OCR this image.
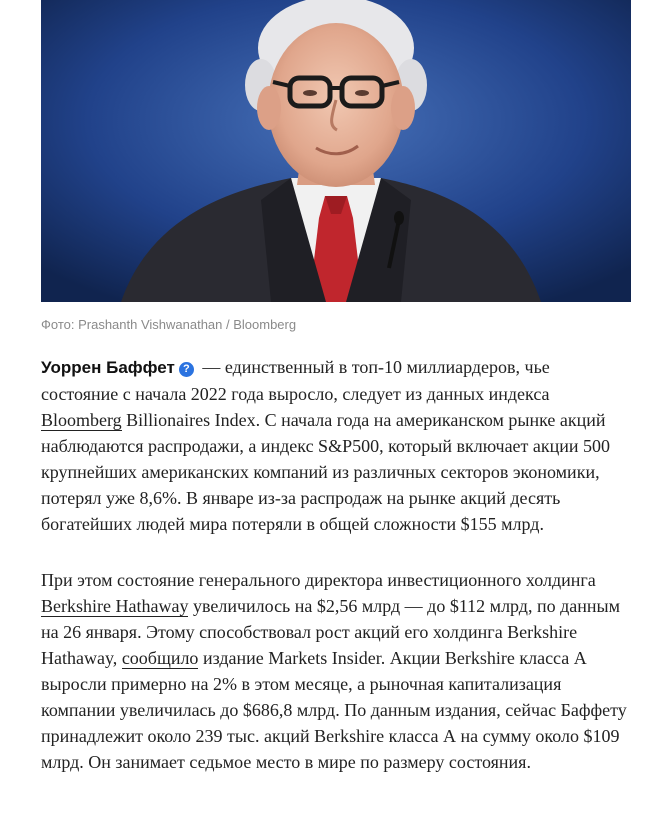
Фото: Prashanth Vishwanathan / Bloomberg

Уоррен Баффет ? — единственный в топ-10 миллиардеров, чье состояние с начала 2022 года выросло, следует из данных индекса Bloomberg Billionaires Index. С начала года на американском рынке акций наблюдаются распродажи, а индекс S&P500, который включает акции 500 крупнейших американских компаний из различных секторов экономики, потерял уже 8,6%. В январе из-за распродаж на рынке акций десять богатейших людей мира потеряли в общей сложности $155 млрд.

При этом состояние генерального директора инвестиционного холдинга Berkshire Hathaway увеличилось на $2,56 млрд — до $112 млрд, по данным на 26 января. Этому способствовал рост акций его холдинга Berkshire Hathaway, сообщило издание Markets Insider. Акции Berkshire класса А выросли примерно на 2% в этом месяце, а рыночная капитализация компании увеличилась до $686,8 млрд. По данным издания, сейчас Баффету принадлежит около 239 тыс. акций Berkshire класса А на сумму около $109 млрд. Он занимает седьмое место в мире по размеру состояния.
